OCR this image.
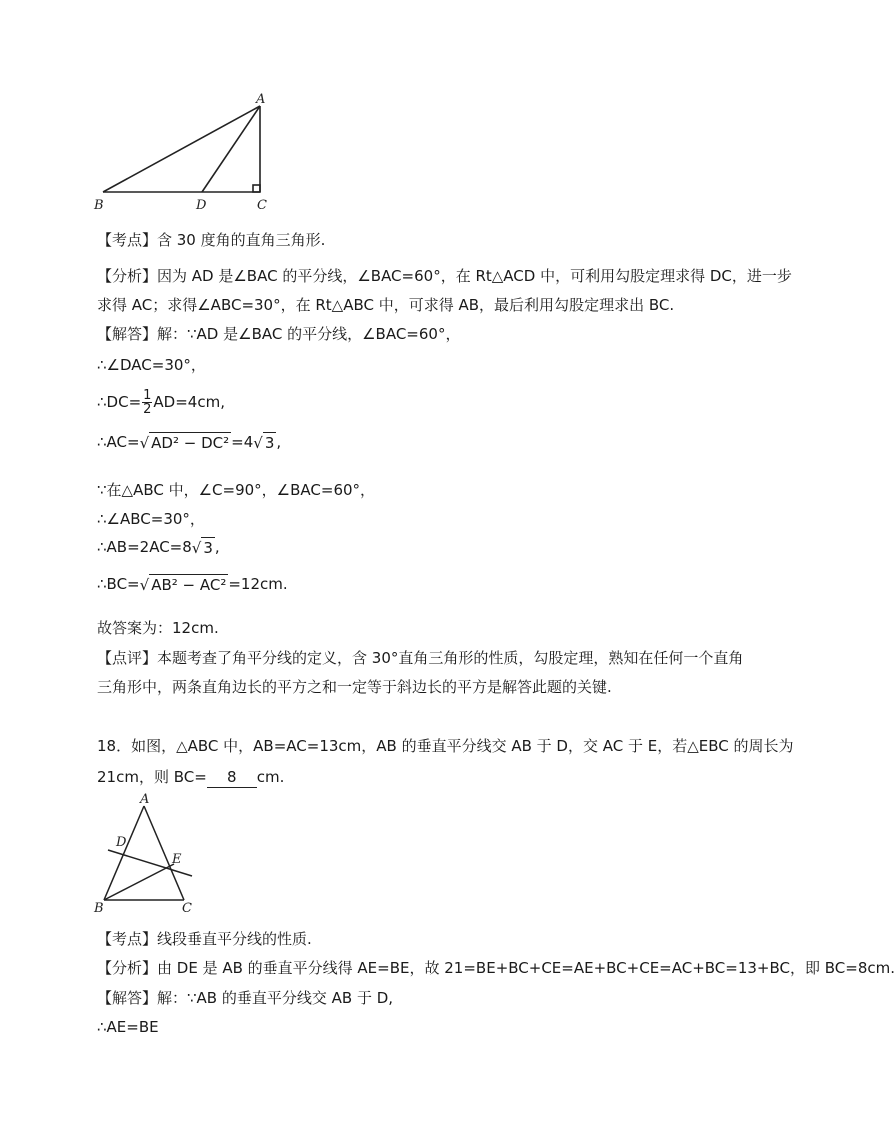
A
B	D	C
【考点】含 30 度角的直角三角形.
【分析】因为 AD 是∠BAC 的平分线，∠BAC=60°，在 Rt△ACD 中，可利用勾股定理求得 DC，进一步
求得 AC；求得∠ABC=30°，在 Rt△ABC 中，可求得 AB，最后利用勾股定理求出 BC.
【解答】解：∵AD 是∠BAC 的平分线，∠BAC=60°，
∴∠DAC=30°，
∴DC= $\frac{1}{2} AD=4cm$,
∴AC=√ AD² − DC² =4√ 3 ,
∵在△ABC 中，∠C=90°，∠BAC=60°，
∴∠ABC=30°，
∴AB=2AC=8√ 3 ,
∴BC=√ AB² − AC² =12cm.
故答案为：12cm.
【点评】本题考查了角平分线的定义，含 30°直角三角形的性质，勾股定理，熟知在任何一个直角
三角形中，两条直角边长的平方之和一定等于斜边长的平方是解答此题的关键.
18．如图，△ABC 中，AB=AC=13cm，AB 的垂直平分线交 AB 于 D，交 AC 于 E，若△EBC 的周长为
21cm，则 BC= 8 cm.
A
D
E
B	C
【考点】线段垂直平分线的性质.
【分析】由 DE 是 AB 的垂直平分线得 AE=BE，故 21=BE+BC+CE=AE+BC+CE=AC+BC=13+BC，即 BC=8cm.
【解答】解：∵AB 的垂直平分线交 AB 于 D,
∴AE=BE
